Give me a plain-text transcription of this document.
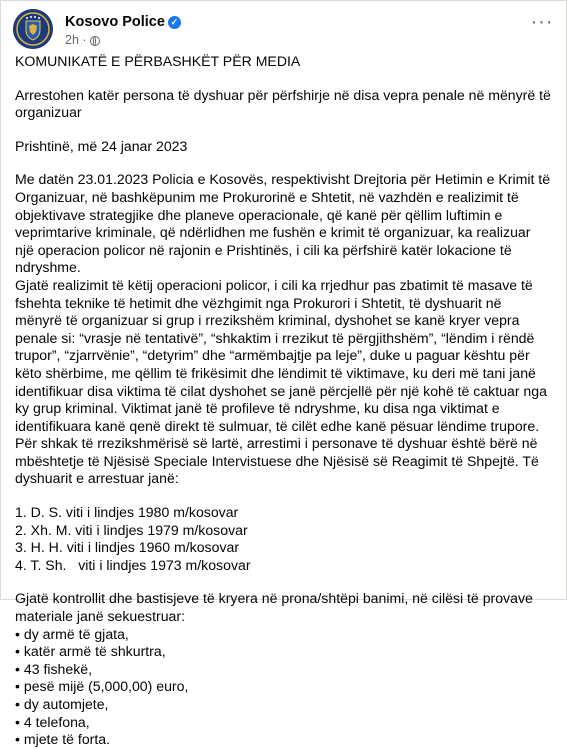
Kosovo Police ✓
2h ·
···

KOMUNIKATË E PËRBASHKËT PËR MEDIA

Arrestohen katër persona të dyshuar për përfshirje në disa vepra penale në mënyrë të organizuar

Prishtinë, më 24 janar 2023

Me datën 23.01.2023 Policia e Kosovës, respektivisht Drejtoria për Hetimin e Krimit të Organizuar, në bashkëpunim me Prokurorinë e Shtetit, në vazhdën e realizimit të objektivave strategjike dhe planeve operacionale, që kanë për qëllim luftimin e veprimtarive kriminale, që ndërlidhen me fushën e krimit të organizuar, ka realizuar një operacion policor në rajonin e Prishtinës, i cili ka përfshirë katër lokacione të ndryshme.

Gjatë realizimit të këtij operacioni policor, i cili ka rrjedhur pas zbatimit të masave të fshehta teknike të hetimit dhe vëzhgimit nga Prokurori i Shtetit, të dyshuarit në mënyrë të organizuar si grup i rrezikshëm kriminal, dyshohet se kanë kryer vepra penale si: “vrasje në tentativë”, “shkaktim i rrezikut të përgjithshëm”, “lëndim i rëndë trupor”, “zjarrvënie”, “detyrim” dhe “armëmbajtje pa leje”, duke u paguar kështu për këto shërbime, me qëllim të frikësimit dhe lëndimit të viktimave, ku deri më tani janë identifikuar disa viktima të cilat dyshohet se janë përcjellë për një kohë të caktuar nga ky grup kriminal. Viktimat janë të profileve të ndryshme, ku disa nga viktimat e identifikuara kanë qenë direkt të sulmuar, të cilët edhe kanë pësuar lëndime trupore.

Për shkak të rrezikshmërisë së lartë, arrestimi i personave të dyshuar është bërë në mbështetje të Njësisë Speciale Intervistuese dhe Njësisë së Reagimit të Shpejtë. Të dyshuarit e arrestuar janë:

1. D. S. viti i lindjes 1980 m/kosovar

2. Xh. M. viti i lindjes 1979 m/kosovar

3. H. H. viti i lindjes 1960 m/kosovar

4. T. Sh.   viti i lindjes 1973 m/kosovar

Gjatë kontrollit dhe bastisjeve të kryera në prona/shtëpi banimi, në cilësi të provave materiale janë sekuestruar:

• dy armë të gjata,

• katër armë të shkurtra,

• 43 fishekë,

• pesë mijë (5,000,00) euro,

• dy automjete,

• 4 telefona,

• mjete të forta.
